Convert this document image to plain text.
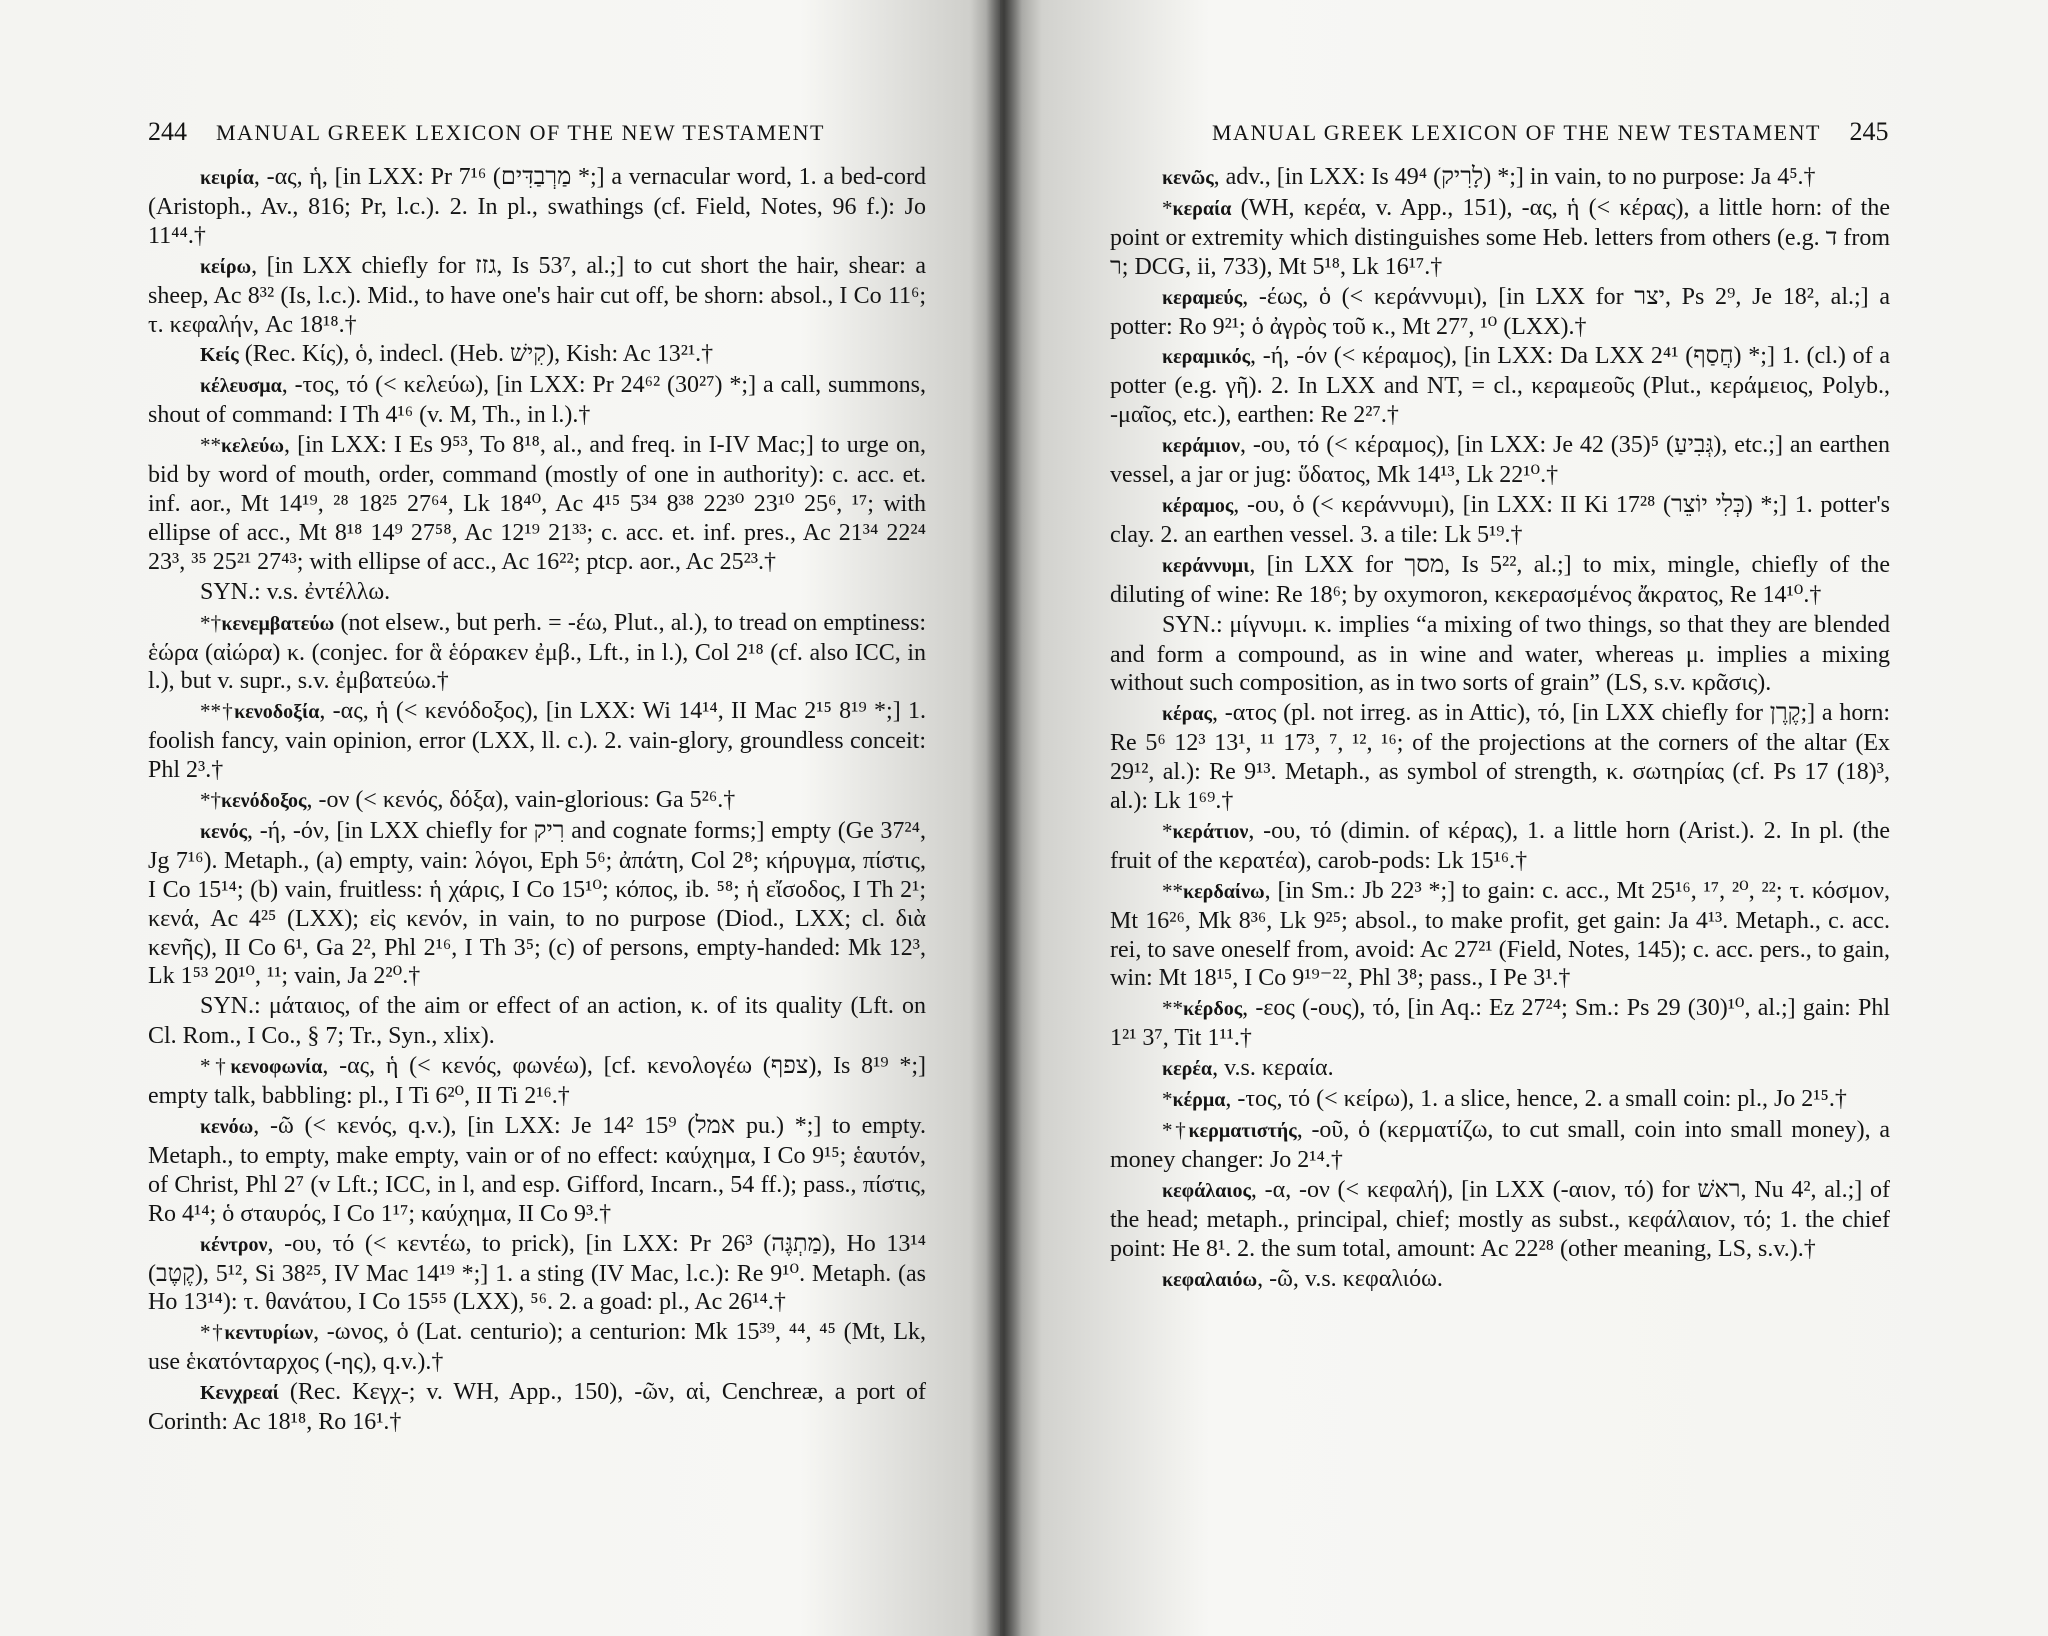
244 MANUAL GREEK LEXICON OF THE NEW TESTAMENT

κειρία, -ας, ἡ, [in LXX: Pr 7¹⁶ (מַרְבַדִּים *;] a vernacular word, 1. a bed-cord (Aristoph., Av., 816; Pr, l.c.). 2. In pl., swathings (cf. Field, Notes, 96 f.): Jo 11⁴⁴.†

κείρω, [in LXX chiefly for גזז, Is 53⁷, al.;] to cut short the hair, shear: a sheep, Ac 8³² (Is, l.c.). Mid., to have one's hair cut off, be shorn: absol., I Co 11⁶; τ. κεφαλήν, Ac 18¹⁸.†

Κείς (Rec. Κίς), ὁ, indecl. (Heb. קִישׁ), Kish: Ac 13²¹.†

κέλευσμα, -τος, τό (< κελεύω), [in LXX: Pr 24⁶² (30²⁷) *;] a call, summons, shout of command: I Th 4¹⁶ (v. M, Th., in l.).†

**κελεύω, [in LXX: I Es 9⁵³, To 8¹⁸, al., and freq. in I-IV Mac;] to urge on, bid by word of mouth, order, command (mostly of one in authority): c. acc. et. inf. aor., Mt 14¹⁹, ²⁸ 18²⁵ 27⁶⁴, Lk 18⁴⁰, Ac 4¹⁵ 5³⁴ 8³⁸ 22³⁰ 23¹⁰ 25⁶, ¹⁷; with ellipse of acc., Mt 8¹⁸ 14⁹ 27⁵⁸, Ac 12¹⁹ 21³³; c. acc. et. inf. pres., Ac 21³⁴ 22²⁴ 23³, ³⁵ 25²¹ 27⁴³; with ellipse of acc., Ac 16²²; ptcp. aor., Ac 25²³.†

SYN.: v.s. ἐντέλλω.

*†κενεμβατεύω (not elsew., but perh. = -έω, Plut., al.), to tread on emptiness: ἑώρα (αἰώρα) κ. (conjec. for ἃ ἑόρακεν ἐμβ., Lft., in l.), Col 2¹⁸ (cf. also ICC, in l.), but v. supr., s.v. ἐμβατεύω.†

**†κενοδοξία, -ας, ἡ (< κενόδοξος), [in LXX: Wi 14¹⁴, II Mac 2¹⁵ 8¹⁹ *;] 1. foolish fancy, vain opinion, error (LXX, ll. c.). 2. vain-glory, groundless conceit: Phl 2³.†

*†κενόδοξος, -ον (< κενός, δόξα), vain-glorious: Ga 5²⁶.†

κενός, -ή, -όν, [in LXX chiefly for רִיק and cognate forms;] empty (Ge 37²⁴, Jg 7¹⁶). Metaph., (a) empty, vain: λόγοι, Eph 5⁶; ἀπάτη, Col 2⁸; κήρυγμα, πίστις, I Co 15¹⁴; (b) vain, fruitless: ἡ χάρις, I Co 15¹⁰; κόπος, ib. ⁵⁸; ἡ εἴσοδος, I Th 2¹; κενά, Ac 4²⁵ (LXX); εἰς κενόν, in vain, to no purpose (Diod., LXX; cl. διὰ κενῆς), II Co 6¹, Ga 2², Phl 2¹⁶, I Th 3⁵; (c) of persons, empty-handed: Mk 12³, Lk 1⁵³ 20¹⁰, ¹¹; vain, Ja 2²⁰.†

SYN.: μάταιος, of the aim or effect of an action, κ. of its quality (Lft. on Cl. Rom., I Co., § 7; Tr., Syn., xlix).

*†κενοφωνία, -ας, ἡ (< κενός, φωνέω), [cf. κενολογέω (צפף), Is 8¹⁹ *;] empty talk, babbling: pl., I Ti 6²⁰, II Ti 2¹⁶.†

κενόω, -ῶ (< κενός, q.v.), [in LXX: Je 14² 15⁹ (אמל pu.) *;] to empty. Metaph., to empty, make empty, vain or of no effect: καύχημα, I Co 9¹⁵; ἑαυτόν, of Christ, Phl 2⁷ (v Lft.; ICC, in l, and esp. Gifford, Incarn., 54 ff.); pass., πίστις, Ro 4¹⁴; ὁ σταυρός, I Co 1¹⁷; καύχημα, II Co 9³.†

κέντρον, -ου, τό (< κεντέω, to prick), [in LXX: Pr 26³ (מַתְגֶּה), Ho 13¹⁴ (קֶטֶב), 5¹², Si 38²⁵, IV Mac 14¹⁹ *;] 1. a sting (IV Mac, l.c.): Re 9¹⁰. Metaph. (as Ho 13¹⁴): τ. θανάτου, I Co 15⁵⁵ (LXX), ⁵⁶. 2. a goad: pl., Ac 26¹⁴.†

*†κεντυρίων, -ωνος, ὁ (Lat. centurio); a centurion: Mk 15³⁹, ⁴⁴, ⁴⁵ (Mt, Lk, use ἑκατόνταρχος (-ης), q.v.).†

Κενχρεαί (Rec. Κεγχ-; v. WH, App., 150), -ῶν, αἱ, Cenchreæ, a port of Corinth: Ac 18¹⁸, Ro 16¹.†

MANUAL GREEK LEXICON OF THE NEW TESTAMENT 245

κενῶς, adv., [in LXX: Is 49⁴ (לָרִיק) *;] in vain, to no purpose: Ja 4⁵.†

*κεραία (WH, κερέα, v. App., 151), -ας, ἡ (< κέρας), a little horn: of the point or extremity which distinguishes some Heb. letters from others (e.g. ד from ר; DCG, ii, 733), Mt 5¹⁸, Lk 16¹⁷.†

κεραμεύς, -έως, ὁ (< κεράννυμι), [in LXX for יצר, Ps 2⁹, Je 18², al.;] a potter: Ro 9²¹; ὁ ἀγρὸς τοῦ κ., Mt 27⁷, ¹⁰ (LXX).†

κεραμικός, -ή, -όν (< κέραμος), [in LXX: Da LXX 2⁴¹ (חֲסַף) *;] 1. (cl.) of a potter (e.g. γῆ). 2. In LXX and NT, = cl., κεραμεοῦς (Plut., κεράμειος, Polyb., -μαῖος, etc.), earthen: Re 2²⁷.†

κεράμιον, -ου, τό (< κέραμος), [in LXX: Je 42 (35)⁵ (גְּבִיעַ), etc.;] an earthen vessel, a jar or jug: ὕδατος, Mk 14¹³, Lk 22¹⁰.†

κέραμος, -ου, ὁ (< κεράννυμι), [in LXX: II Ki 17²⁸ (כְּלִי יוֹצֵר) *;] 1. potter's clay. 2. an earthen vessel. 3. a tile: Lk 5¹⁹.†

κεράννυμι, [in LXX for מסך, Is 5²², al.;] to mix, mingle, chiefly of the diluting of wine: Re 18⁶; by oxymoron, κεκερασμένος ἄκρατος, Re 14¹⁰.†

SYN.: μίγνυμι. κ. implies “a mixing of two things, so that they are blended and form a compound, as in wine and water, whereas μ. implies a mixing without such composition, as in two sorts of grain” (LS, s.v. κρᾶσις).

κέρας, -ατος (pl. not irreg. as in Attic), τό, [in LXX chiefly for קֶרֶן;] a horn: Re 5⁶ 12³ 13¹, ¹¹ 17³, ⁷, ¹², ¹⁶; of the projections at the corners of the altar (Ex 29¹², al.): Re 9¹³. Metaph., as symbol of strength, κ. σωτηρίας (cf. Ps 17 (18)³, al.): Lk 1⁶⁹.†

*κεράτιον, -ου, τό (dimin. of κέρας), 1. a little horn (Arist.). 2. In pl. (the fruit of the κερατέα), carob-pods: Lk 15¹⁶.†

**κερδαίνω, [in Sm.: Jb 22³ *;] to gain: c. acc., Mt 25¹⁶, ¹⁷, ²⁰, ²²; τ. κόσμον, Mt 16²⁶, Mk 8³⁶, Lk 9²⁵; absol., to make profit, get gain: Ja 4¹³. Metaph., c. acc. rei, to save oneself from, avoid: Ac 27²¹ (Field, Notes, 145); c. acc. pers., to gain, win: Mt 18¹⁵, I Co 9¹⁹⁻²², Phl 3⁸; pass., I Pe 3¹.†

**κέρδος, -εος (-ους), τό, [in Aq.: Ez 27²⁴; Sm.: Ps 29 (30)¹⁰, al.;] gain: Phl 1²¹ 3⁷, Tit 1¹¹.†

κερέα, v.s. κεραία.

*κέρμα, -τος, τό (< κείρω), 1. a slice, hence, 2. a small coin: pl., Jo 2¹⁵.†

*†κερματιστής, -οῦ, ὁ (κερματίζω, to cut small, coin into small money), a money changer: Jo 2¹⁴.†

κεφάλαιος, -α, -ον (< κεφαλή), [in LXX (-αιον, τό) for ראשׁ, Nu 4², al.;] of the head; metaph., principal, chief; mostly as subst., κεφάλαιον, τό; 1. the chief point: He 8¹. 2. the sum total, amount: Ac 22²⁸ (other meaning, LS, s.v.).†

κεφαλαιόω, -ῶ, v.s. κεφαλιόω.
